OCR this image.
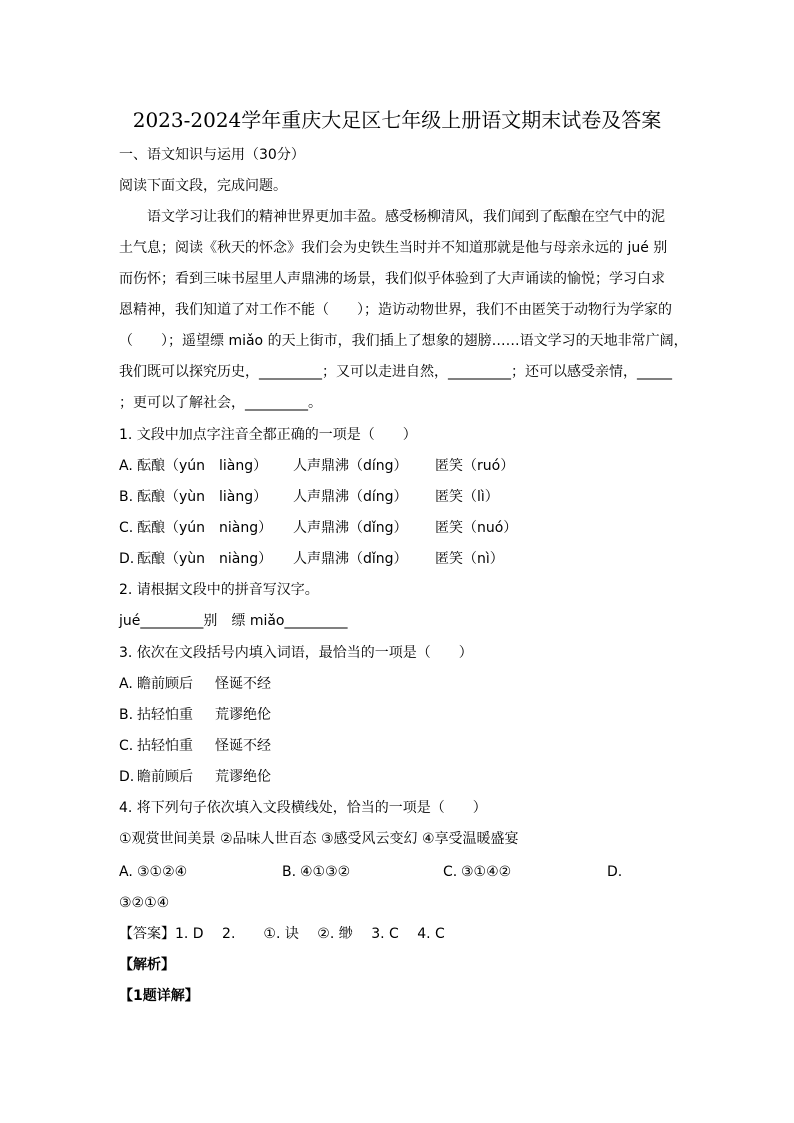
2023-2024学年重庆大足区七年级上册语文期末试卷及答案
一、语文知识与运用（30分）
阅读下面文段，完成问题。
语文学习让我们的精神世界更加丰盈。感受杨柳清风，我们闻到了酝酿在空气中的泥
土气息；阅读《秋天的怀念》我们会为史铁生当时并不知道那就是他与母亲永远的 jué 别
而伤怀；看到三味书屋里人声鼎沸的场景，我们似乎体验到了大声诵读的愉悦；学习白求
恩精神，我们知道了对工作不能（　　）；造访动物世界，我们不由匿笑于动物行为学家的
（　　）；遥望缥 miǎo 的天上街市，我们插上了想象的翅膀……语文学习的天地非常广阔，
我们既可以探究历史，_________；又可以走进自然，_________；还可以感受亲情，_____
；更可以了解社会，_________。
1. 文段中加点字注音全都正确的一项是（　　）
A. 酝酿（yún　liàng） 人声鼎沸（díng） 匿笑（ruó）
B. 酝酿（yùn　liàng） 人声鼎沸（díng） 匿笑（lì）
C. 酝酿（yún　niàng） 人声鼎沸（dǐng） 匿笑（nuó）
D. 酝酿（yùn　niàng） 人声鼎沸（dǐng） 匿笑（nì）
2. 请根据文段中的拼音写汉字。
jué_________别　缥 miǎo_________
3. 依次在文段括号内填入词语，最恰当的一项是（　　）
A. 瞻前顾后 怪诞不经
B. 拈轻怕重 荒谬绝伦
C. 拈轻怕重 怪诞不经
D. 瞻前顾后 荒谬绝伦
4. 将下列句子依次填入文段横线处，恰当的一项是（　　）
①观赏世间美景 ②品味人世百态 ③感受风云变幻 ④享受温暖盛宴
A. ③①②④	B. ④①③②	C. ③①④②	D.
③②①④
【答案】1. D　 2.　　①. 诀　 ②. 缈　 3. C　 4. C
【解析】
【1题详解】
